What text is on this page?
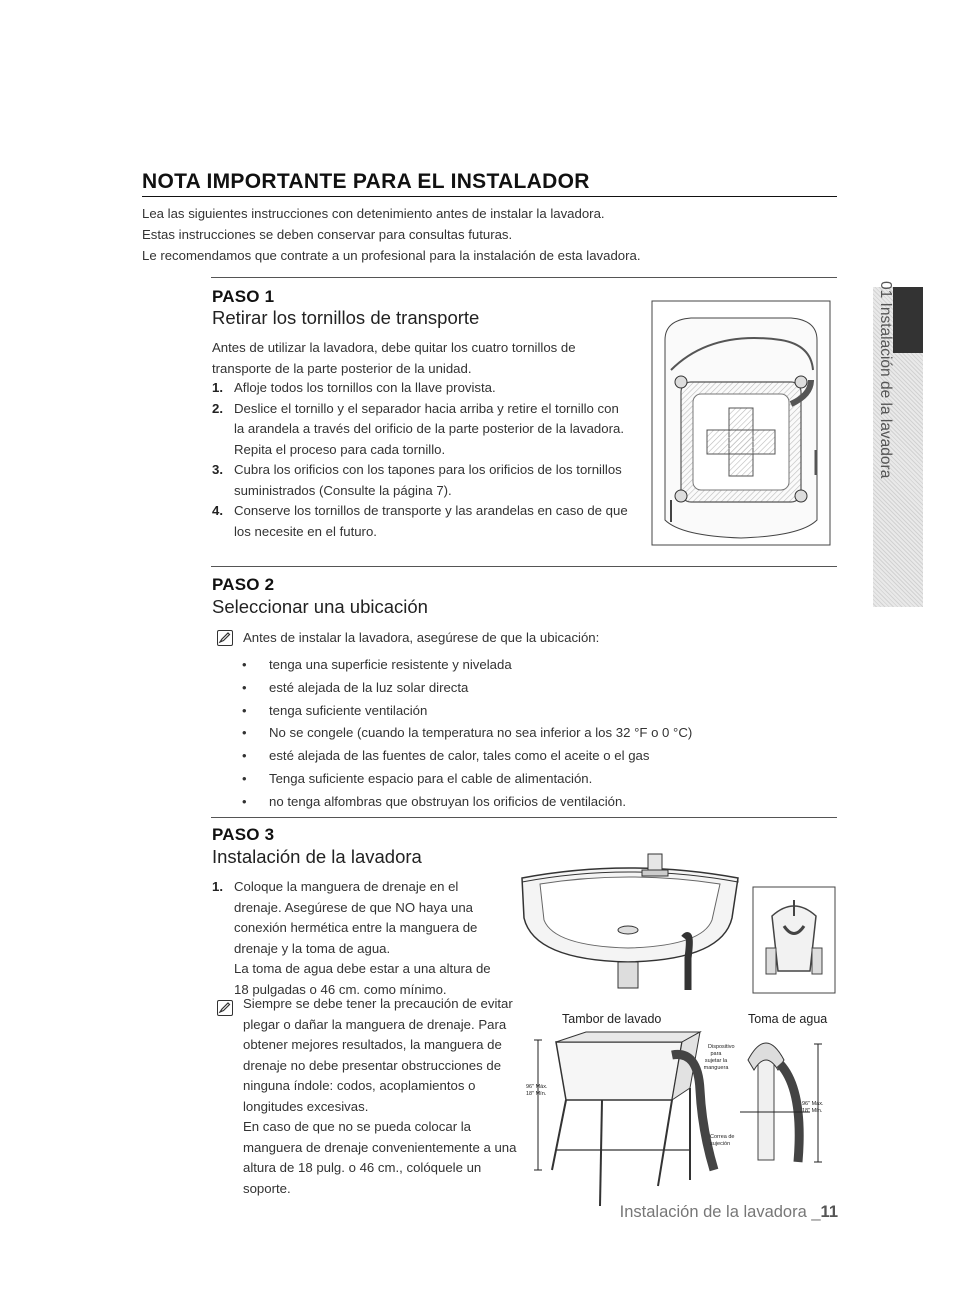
NOTA IMPORTANTE PARA EL INSTALADOR

Lea las siguientes instrucciones con detenimiento antes de instalar la lavadora.

Estas instrucciones se deben conservar para consultas futuras.

Le recomendamos que contrate a un profesional para la instalación de esta lavadora.

PASO 1
Retirar los tornillos de transporte
Antes de utilizar la lavadora, debe quitar los cuatro tornillos de transporte de la parte posterior de la unidad.
1. Afloje todos los tornillos con la llave provista.
2. Deslice el tornillo y el separador hacia arriba y retire el tornillo con la arandela a través del orificio de la parte posterior de la lavadora. Repita el proceso para cada tornillo.
3. Cubra los orificios con los tapones para los orificios de los tornillos suministrados (Consulte la página 7).
4. Conserve los tornillos de transporte y las arandelas en caso de que los necesite en el futuro.
01 Instalación de la lavadora
PASO 2
Seleccionar una ubicación
Antes de instalar la lavadora, asegúrese de que la ubicación:
• tenga una superficie resistente y nivelada
• esté alejada de la luz solar directa
• tenga suficiente ventilación
• No se congele (cuando la temperatura no sea inferior a los 32 °F o 0 °C)
• esté alejada de las fuentes de calor, tales como el aceite o el gas
• Tenga suficiente espacio para el cable de alimentación.
• no tenga alfombras que obstruyan los orificios de ventilación.
PASO 3
Instalación de la lavadora
1. Coloque la manguera de drenaje en el drenaje. Asegúrese de que NO haya una conexión hermética entre la manguera de drenaje y la toma de agua.
La toma de agua debe estar a una altura de 18 pulgadas o 46 cm. como mínimo.
Siempre se debe tener la precaución de evitar plegar o dañar la manguera de drenaje. Para obtener mejores resultados, la manguera de drenaje no debe presentar obstrucciones de ninguna índole: codos, acoplamientos o longitudes excesivas.
En caso de que no se pueda colocar la manguera de drenaje convenientemente a una altura de 18 pulg. o 46 cm., colóquele un soporte.
Tambor de lavado	Toma de agua
96" Máx.
18" Mín.
Dispositivo
para
sujetar la
manguera
Correa de
sujeción
96" Máx.
18" Mín.
Instalación de la lavadora _11
